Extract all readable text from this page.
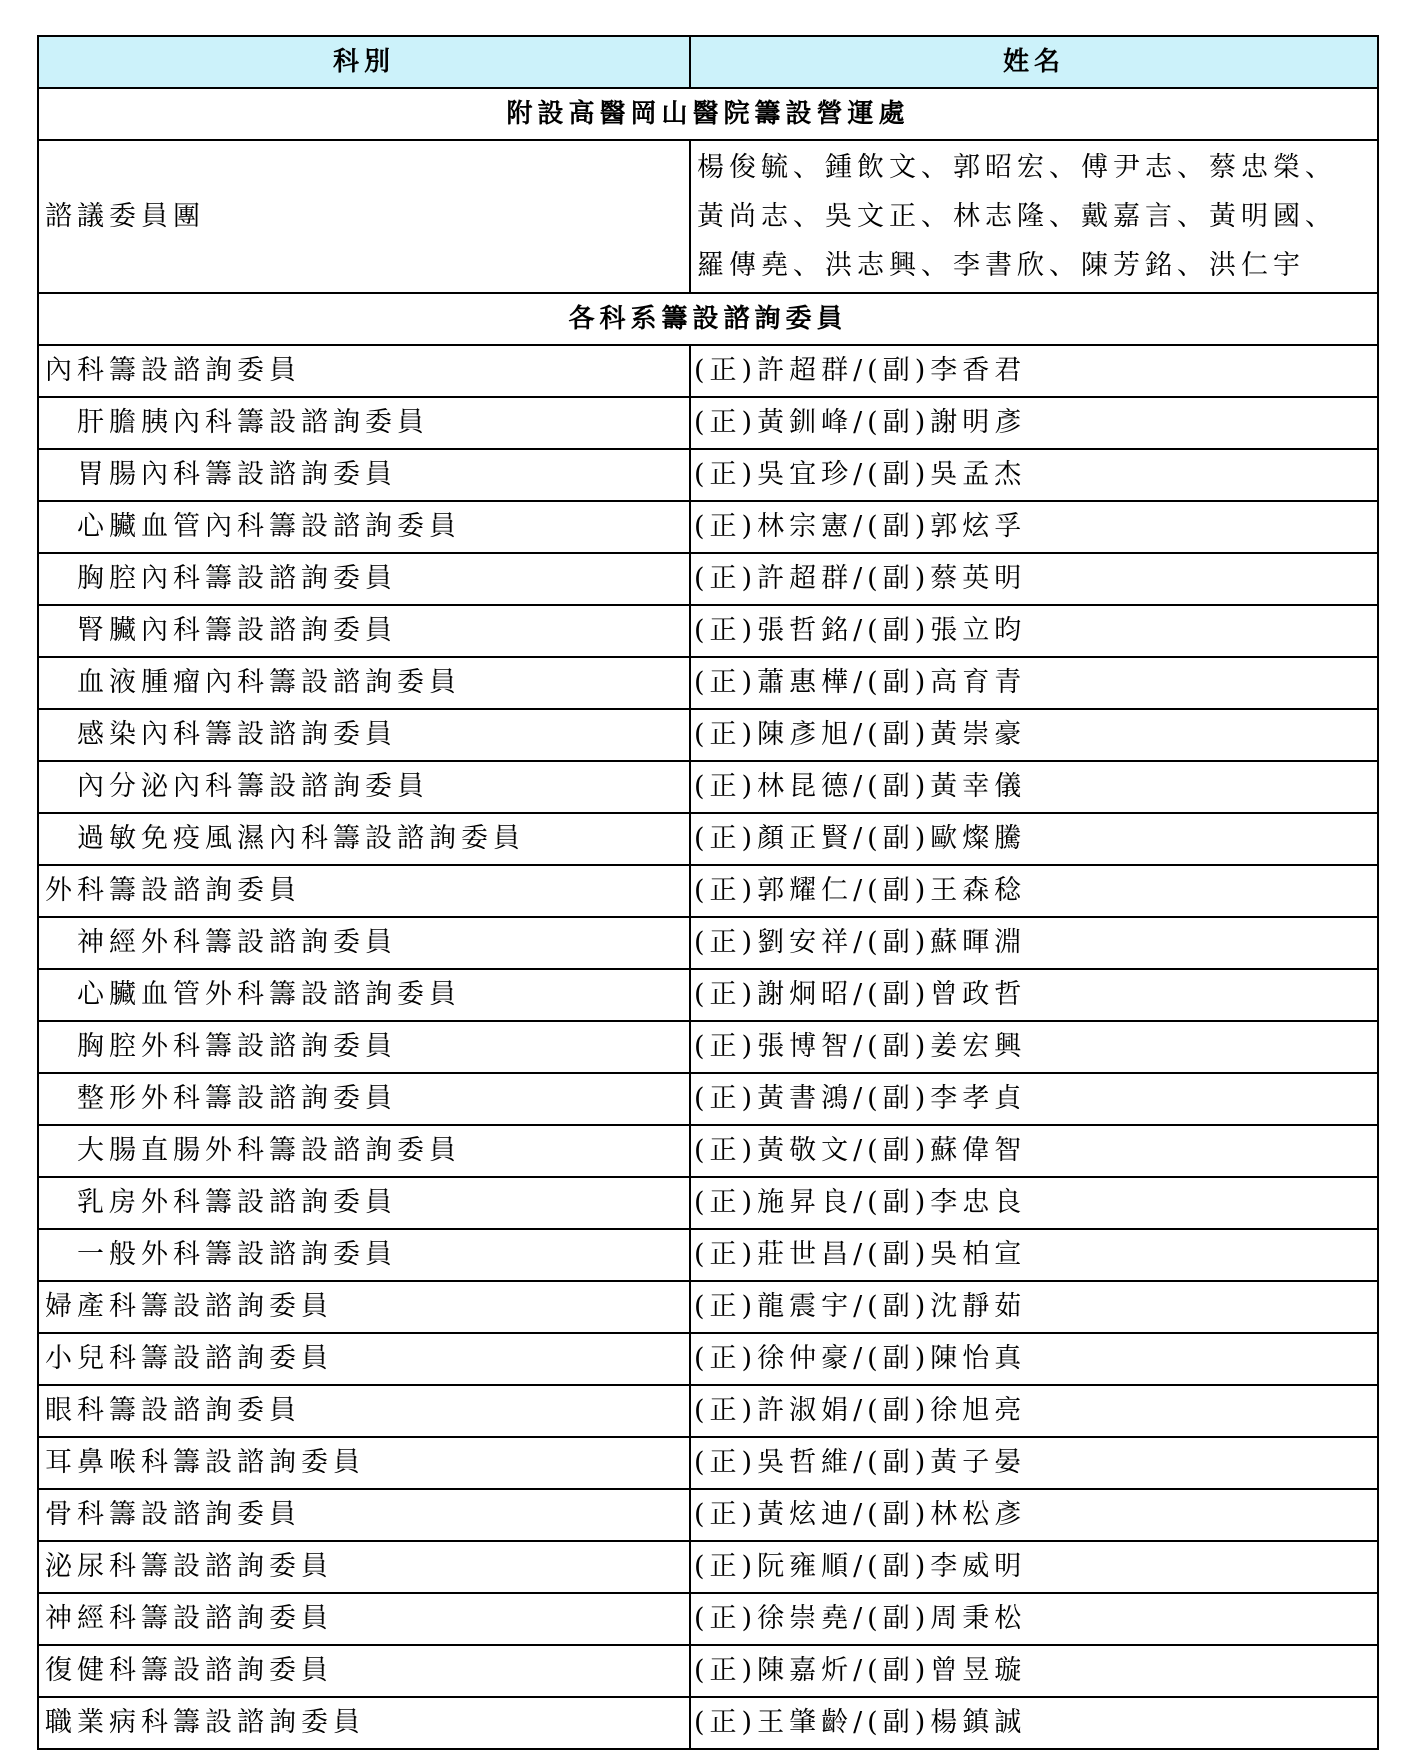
科別	姓名
附設高醫岡山醫院籌設營運處	
諮議委員團	楊俊毓、鍾飲文、郭昭宏、傅尹志、蔡忠榮、
黃尚志、吳文正、林志隆、戴嘉言、黃明國、
羅傳堯、洪志興、李書欣、陳芳銘、洪仁宇

各科系籌設諮詢委員	
內科籌設諮詢委員	(正)許超群/(副)李香君
肝膽胰內科籌設諮詢委員	(正)黃釧峰/(副)謝明彥
胃腸內科籌設諮詢委員	(正)吳宜珍/(副)吳孟杰
心臟血管內科籌設諮詢委員	(正)林宗憲/(副)郭炫孚
胸腔內科籌設諮詢委員	(正)許超群/(副)蔡英明
腎臟內科籌設諮詢委員	(正)張哲銘/(副)張立昀
血液腫瘤內科籌設諮詢委員	(正)蕭惠樺/(副)高育青
感染內科籌設諮詢委員	(正)陳彥旭/(副)黃崇豪
內分泌內科籌設諮詢委員	(正)林昆德/(副)黃幸儀
過敏免疫風濕內科籌設諮詢委員	(正)顏正賢/(副)歐燦騰
外科籌設諮詢委員	(正)郭耀仁/(副)王森稔
神經外科籌設諮詢委員	(正)劉安祥/(副)蘇暉淵
心臟血管外科籌設諮詢委員	(正)謝炯昭/(副)曾政哲
胸腔外科籌設諮詢委員	(正)張博智/(副)姜宏興
整形外科籌設諮詢委員	(正)黃書鴻/(副)李孝貞
大腸直腸外科籌設諮詢委員	(正)黃敬文/(副)蘇偉智
乳房外科籌設諮詢委員	(正)施昇良/(副)李忠良
一般外科籌設諮詢委員	(正)莊世昌/(副)吳柏宣
婦產科籌設諮詢委員	(正)龍震宇/(副)沈靜茹
小兒科籌設諮詢委員	(正)徐仲豪/(副)陳怡真
眼科籌設諮詢委員	(正)許淑娟/(副)徐旭亮
耳鼻喉科籌設諮詢委員	(正)吳哲維/(副)黃子晏
骨科籌設諮詢委員	(正)黃炫迪/(副)林松彥
泌尿科籌設諮詢委員	(正)阮雍順/(副)李威明
神經科籌設諮詢委員	(正)徐崇堯/(副)周秉松
復健科籌設諮詢委員	(正)陳嘉炘/(副)曾昱璇
職業病科籌設諮詢委員	(正)王肇齡/(副)楊鎮誠
